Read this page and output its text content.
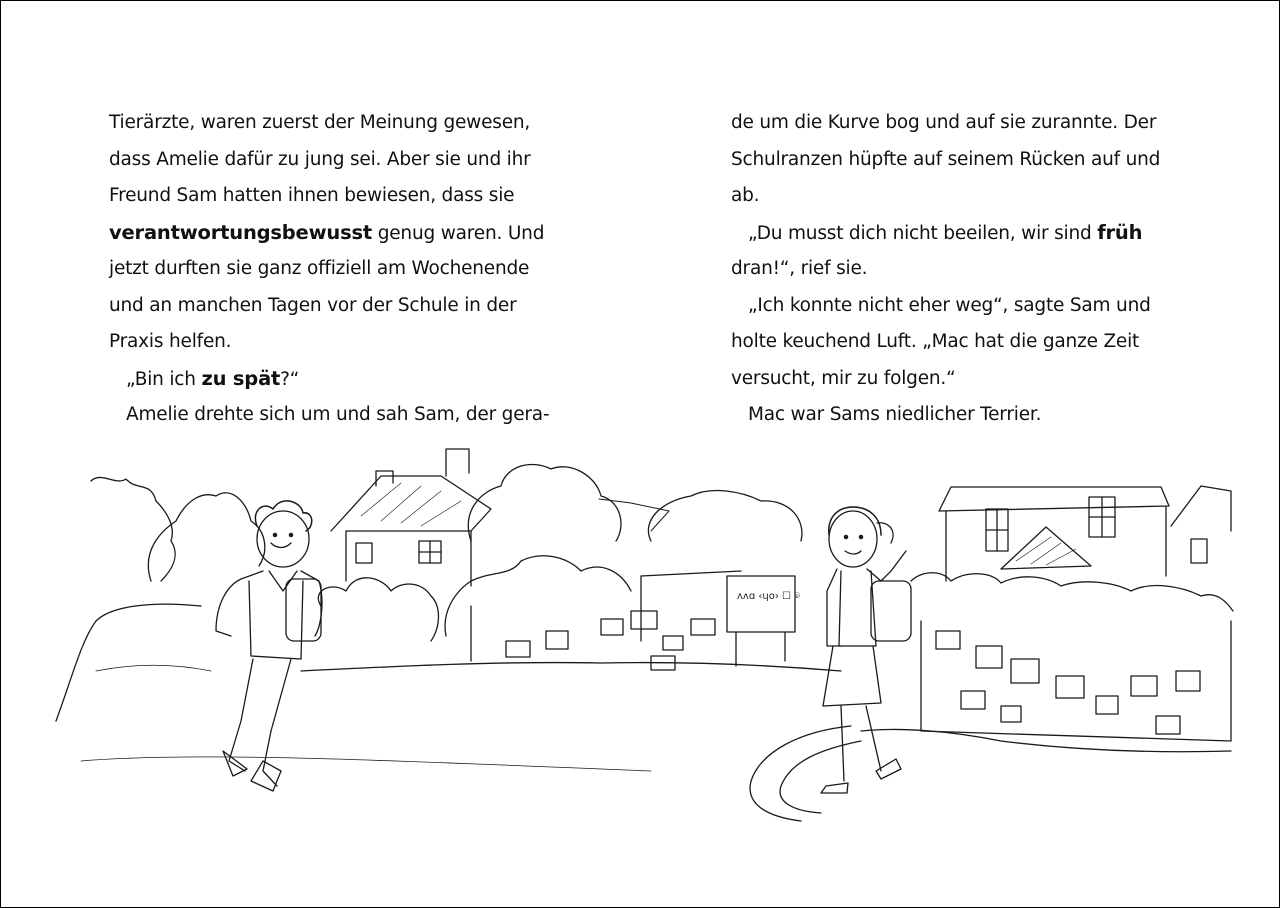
Tierärzte, waren zuerst der Meinung gewesen,
dass Amelie dafür zu jung sei. Aber sie und ihr
Freund Sam hatten ihnen bewiesen, dass sie
verantwortungsbewusst genug waren. Und
jetzt durften sie ganz offiziell am Wochenende
und an manchen Tagen vor der Schule in der
Praxis helfen.
„Bin ich zu spät?“
Amelie drehte sich um und sah Sam, der gera-
de um die Kurve bog und auf sie zurannte. Der
Schulranzen hüpfte auf seinem Rücken auf und
ab.
„Du musst dich nicht beeilen, wir sind früh
dran!“, rief sie.
„Ich konnte nicht eher weg“, sagte Sam und
holte keuchend Luft. „Mac hat die ganze Zeit
versucht, mir zu folgen.“
Mac war Sams niedlicher Terrier.
ᴧᴧɑ ‹ɥᴏ› ☐ ⌾
